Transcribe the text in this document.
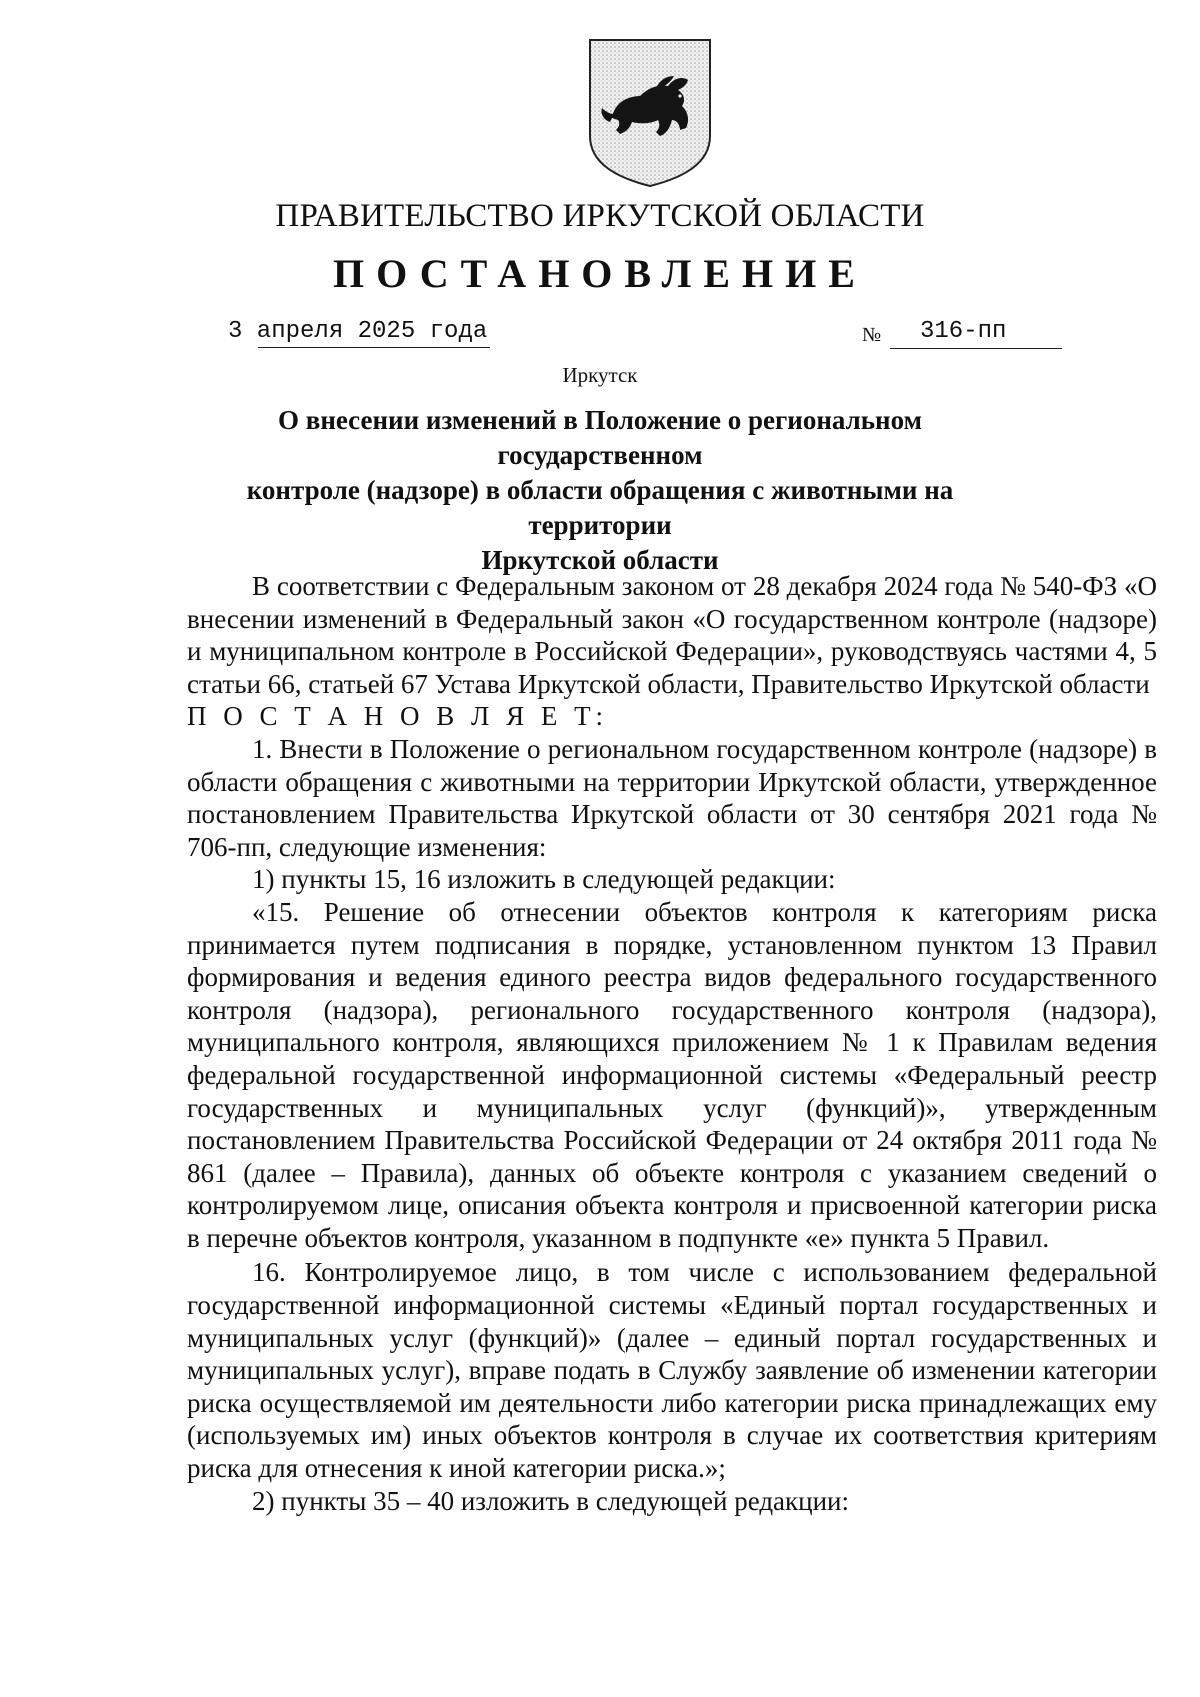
ПРАВИТЕЛЬСТВО ИРКУТСКОЙ ОБЛАСТИ
ПОСТАНОВЛЕНИЕ
3 апреля 2025 года	№ 316-пп
Иркутск
О внесении изменений в Положение о региональном государственном
контроле (надзоре) в области обращения с животными на территории
Иркутской области

В соответствии с Федеральным законом от 28 декабря 2024 года № 540-ФЗ «О внесении изменений в Федеральный закон «О государственном контроле (надзоре) и муниципальном контроле в Российской Федерации», руководствуясь частями 4, 5 статьи 66, статьей 67 Устава Иркутской области, Правительство Иркутской области

П О С Т А Н О В Л Я Е Т:

1. Внести в Положение о региональном государственном контроле (надзоре) в области обращения с животными на территории Иркутской области, утвержденное постановлением Правительства Иркутской области от 30 сентября 2021 года № 706-пп, следующие изменения:

1) пункты 15, 16 изложить в следующей редакции:

«15. Решение об отнесении объектов контроля к категориям риска принимается путем подписания в порядке, установленном пунктом 13 Правил формирования и ведения единого реестра видов федерального государственного контроля (надзора), регионального государственного контроля (надзора), муниципального контроля, являющихся приложением № 1 к Правилам ведения федеральной государственной информационной системы «Федеральный реестр государственных и муниципальных услуг (функций)», утвержденным постановлением Правительства Российской Федерации от 24 октября 2011 года № 861 (далее – Правила), данных об объекте контроля с указанием сведений о контролируемом лице, описания объекта контроля и присвоенной категории риска в перечне объектов контроля, указанном в подпункте «е» пункта 5 Правил.

16. Контролируемое лицо, в том числе с использованием федеральной государственной информационной системы «Единый портал государственных и муниципальных услуг (функций)» (далее – единый портал государственных и муниципальных услуг), вправе подать в Службу заявление об изменении категории риска осуществляемой им деятельности либо категории риска принадлежащих ему (используемых им) иных объектов контроля в случае их соответствия критериям риска для отнесения к иной категории риска.»;

2) пункты 35 – 40 изложить в следующей редакции:
